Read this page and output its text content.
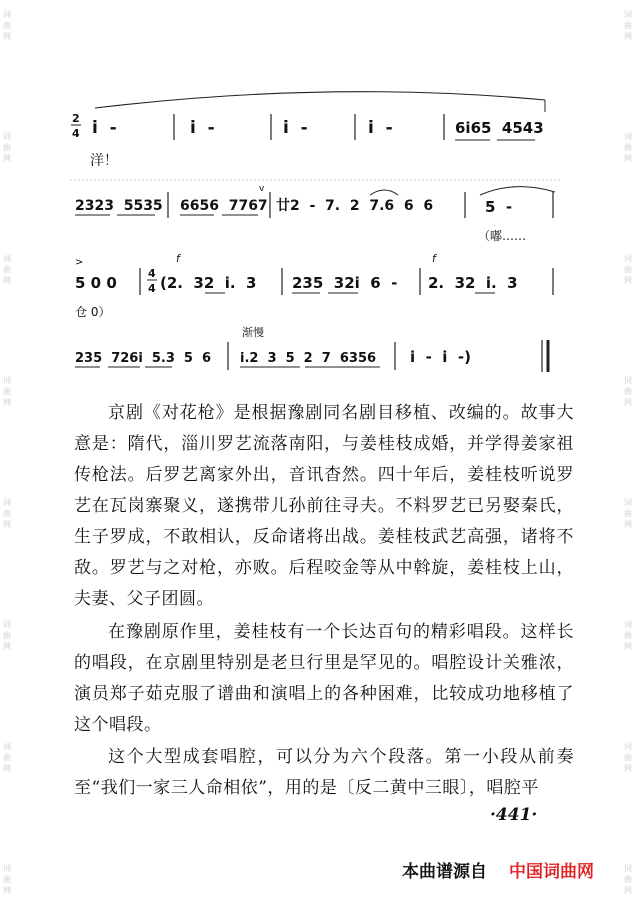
词
曲
网
词
曲
网
词
曲
网
词
曲
网
词
曲
网
词
曲
网
词
曲
网
词
曲
网
词
曲
网
词
曲
网
词
曲
网
词
曲
网
词
曲
网
词
曲
网
词
曲
网
词
曲
网
2
4 i  -	i  -	i  -	i  -	6i65  4543
洋！
2323  5535 6656  7767
v
廿2  -  7.  2  7.6  6  6	5  -
（嘟……
>
5 0 0
4
4
f
(2.  32  i.  3 235  32i  6  -
f
2.  32  i.  3
仓 0）
渐慢
235  726i  5.3  5  6 i.2  3  5  2  7  6356 i  -  i  -)

京剧《对花枪》是根据豫剧同名剧目移植、改编的。故事大意是：隋代，淄川罗艺流落南阳，与姜桂枝成婚，并学得姜家祖传枪法。后罗艺离家外出，音讯杳然。四十年后，姜桂枝听说罗艺在瓦岗寨聚义，遂携带儿孙前往寻夫。不料罗艺已另娶秦氏，生子罗成，不敢相认，反命诸将出战。姜桂枝武艺高强，诸将不敌。罗艺与之对枪，亦败。后程咬金等从中斡旋，姜桂枝上山，夫妻、父子团圆。

在豫剧原作里，姜桂枝有一个长达百句的精彩唱段。这样长的唱段，在京剧里特别是老旦行里是罕见的。唱腔设计关雅浓，演员郑子茹克服了谱曲和演唱上的各种困难，比较成功地移植了这个唱段。

这个大型成套唱腔，可以分为六个段落。第一小段从前奏至“我们一家三人命相依”，用的是〔反二黄中三眼〕，唱腔平

·441·
本曲谱源自 中国词曲网
